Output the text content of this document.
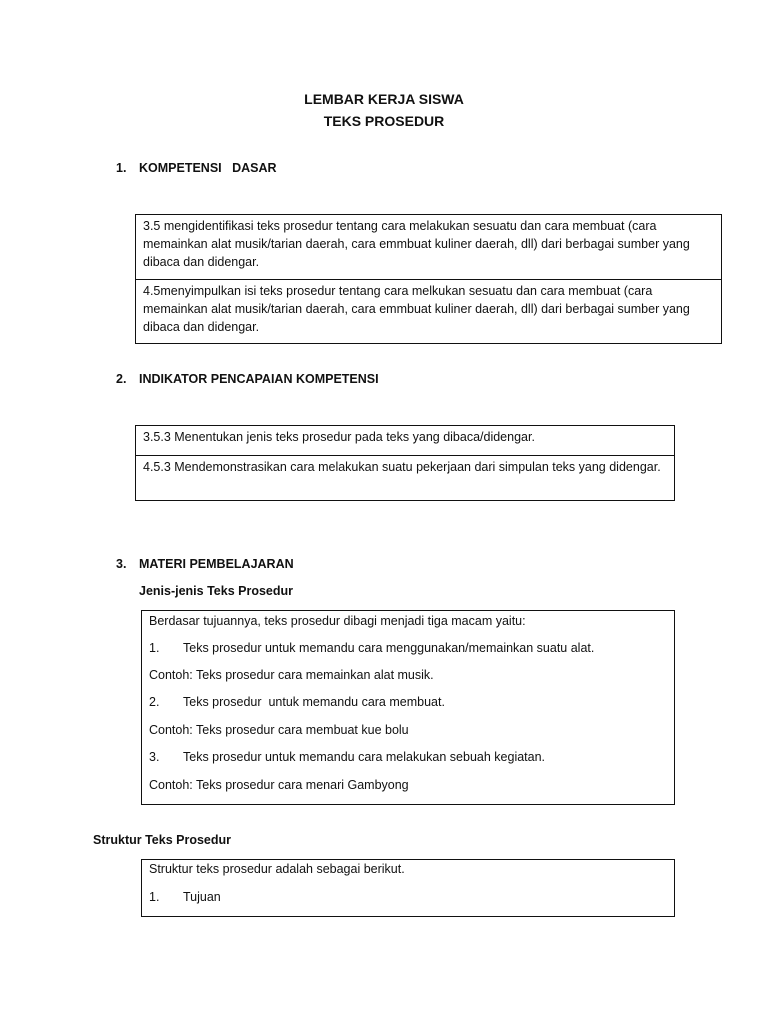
LEMBAR KERJA SISWA
TEKS PROSEDUR
1. KOMPETENSI   DASAR
3.5 mengidentifikasi teks prosedur tentang cara melakukan sesuatu dan cara membuat (cara memainkan alat musik/tarian daerah, cara emmbuat kuliner daerah, dll) dari berbagai sumber yang dibaca dan didengar.
4.5menyimpulkan isi teks prosedur tentang cara melkukan sesuatu dan cara membuat (cara memainkan alat musik/tarian daerah, cara emmbuat kuliner daerah, dll) dari berbagai sumber yang dibaca dan didengar.
2. INDIKATOR PENCAPAIAN KOMPETENSI
3.5.3 Menentukan jenis teks prosedur pada teks yang dibaca/didengar.
4.5.3 Mendemonstrasikan cara melakukan suatu pekerjaan dari simpulan teks yang didengar.
3. MATERI PEMBELAJARAN
Jenis-jenis Teks Prosedur
Berdasar tujuannya, teks prosedur dibagi menjadi tiga macam yaitu:
1.	Teks prosedur untuk memandu cara menggunakan/memainkan suatu alat.
Contoh: Teks prosedur cara memainkan alat musik.
2.	Teks prosedur  untuk memandu cara membuat.
Contoh: Teks prosedur cara membuat kue bolu
3.	Teks prosedur untuk memandu cara melakukan sebuah kegiatan.
Contoh: Teks prosedur cara menari Gambyong
Struktur Teks Prosedur
Struktur teks prosedur adalah sebagai berikut.
1.	Tujuan
